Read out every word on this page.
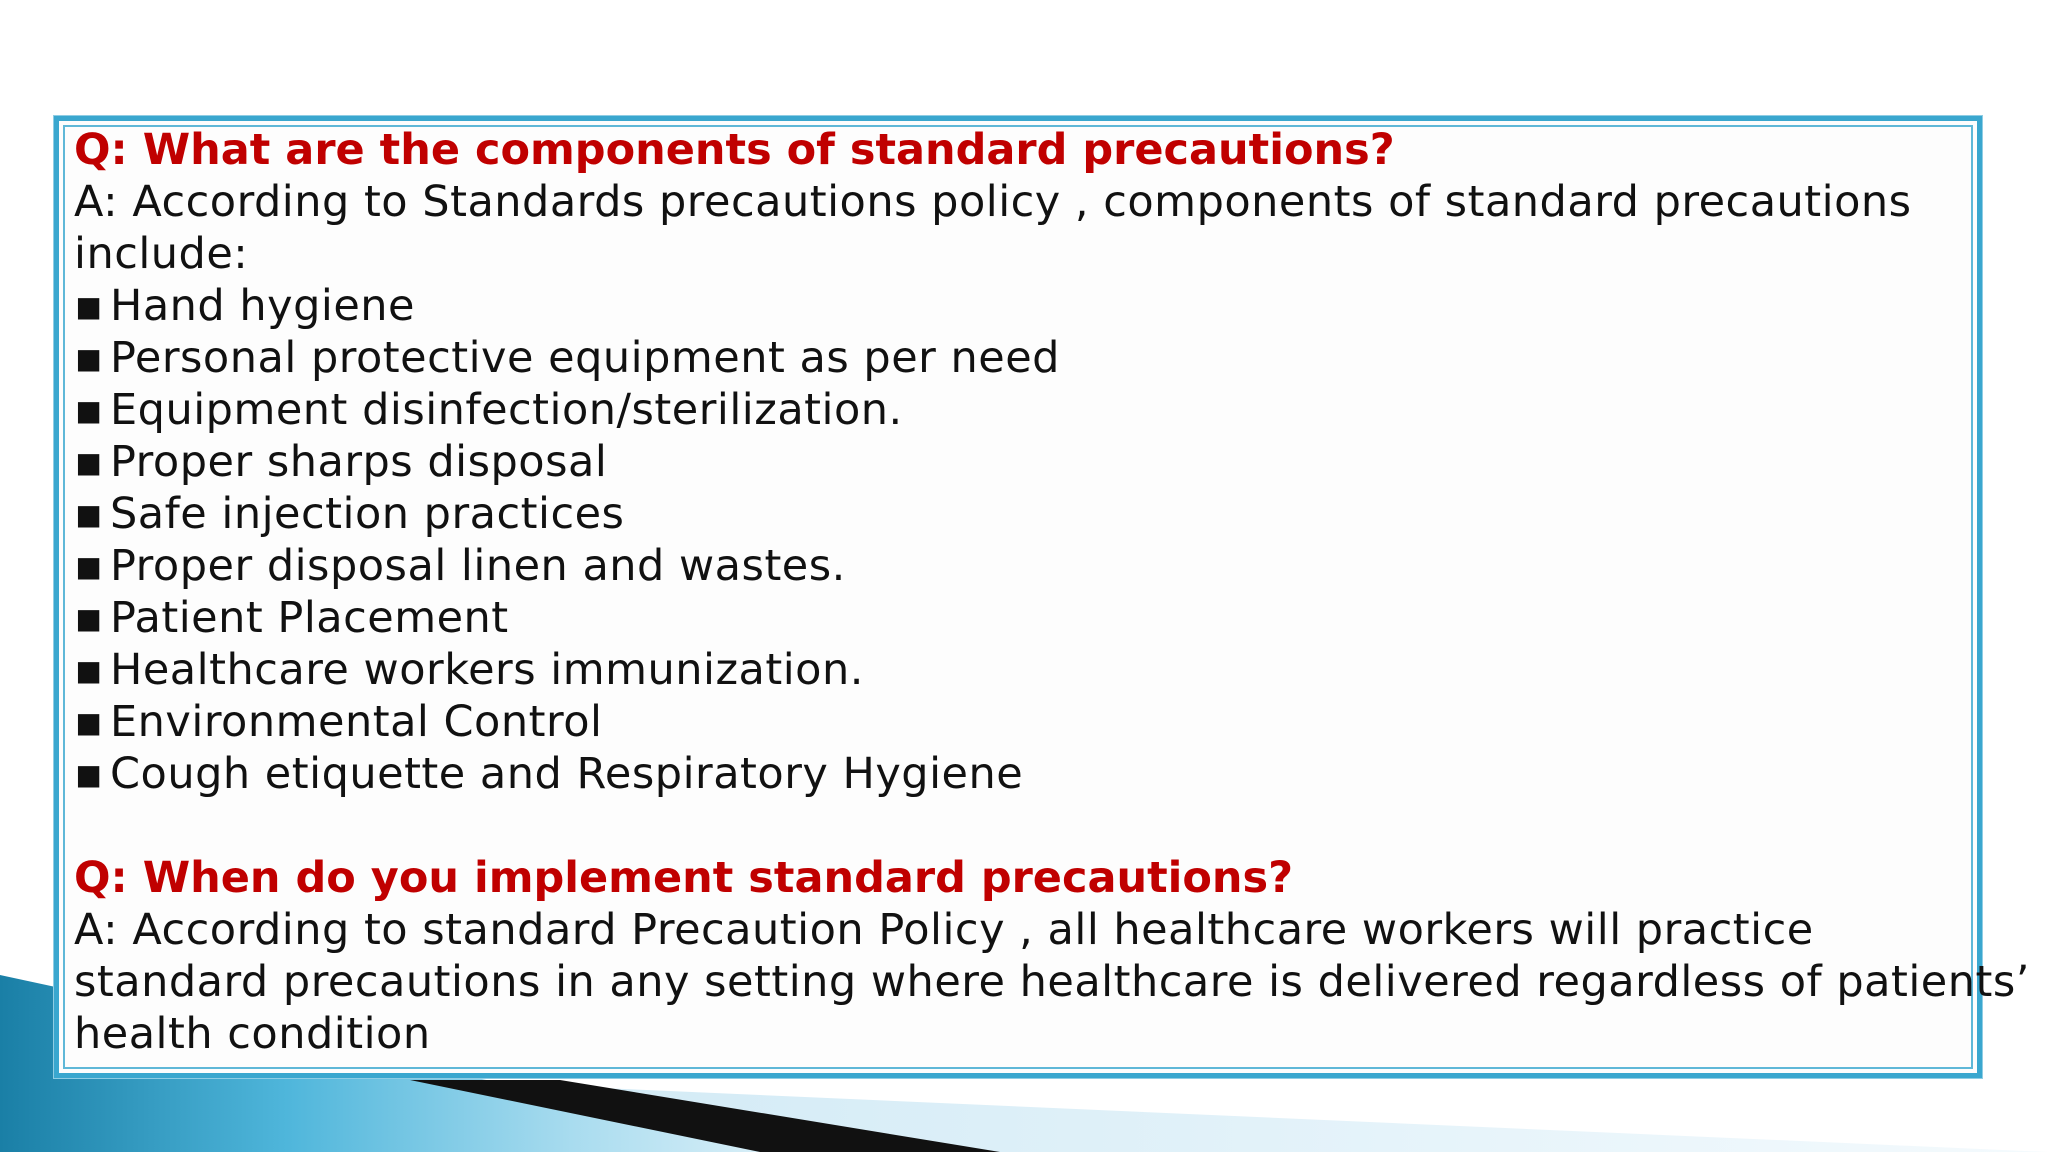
Q: What are the components of standard precautions?
A: According to Standards precautions policy , components of standard precautions
include:
▪ Hand hygiene
▪ Personal protective equipment as per need
▪ Equipment disinfection/sterilization.
▪ Proper sharps disposal
▪ Safe injection practices
▪ Proper disposal linen and wastes.
▪ Patient Placement
▪ Healthcare workers immunization.
▪ Environmental Control
▪ Cough etiquette and Respiratory Hygiene
Q: When do you implement standard precautions?
A: According to standard Precaution Policy , all healthcare workers will practice
standard precautions in any setting where healthcare is delivered regardless of patients’
health condition
